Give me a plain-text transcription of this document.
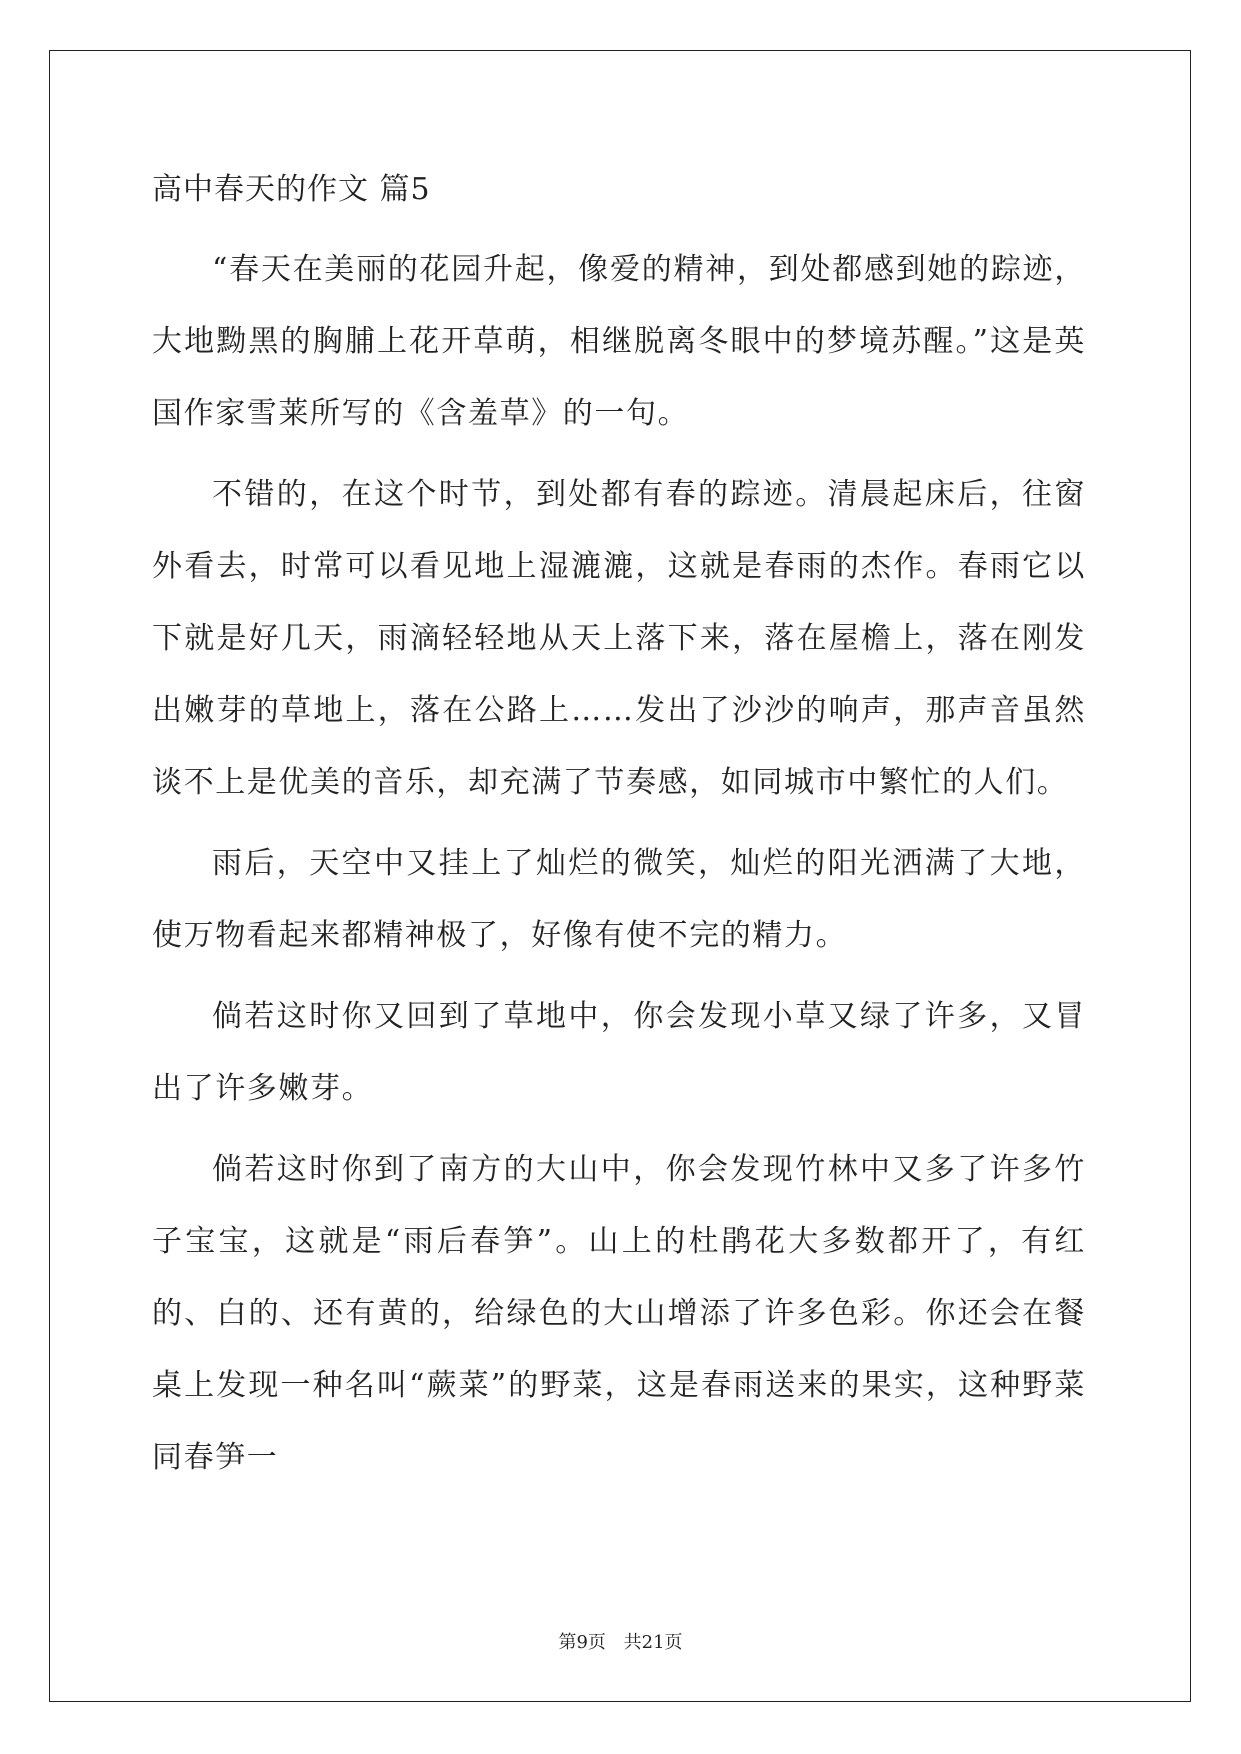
高中春天的作文 篇5

“春天在美丽的花园升起，像爱的精神，到处都感到她的踪迹，大地黝黑的胸脯上花开草萌，相继脱离冬眼中的梦境苏醒。”这是英国作家雪莱所写的《含羞草》的一句。

不错的，在这个时节，到处都有春的踪迹。清晨起床后，往窗外看去，时常可以看见地上湿漉漉，这就是春雨的杰作。春雨它以下就是好几天，雨滴轻轻地从天上落下来，落在屋檐上，落在刚发出嫩芽的草地上，落在公路上……发出了沙沙的响声，那声音虽然谈不上是优美的音乐，却充满了节奏感，如同城市中繁忙的人们。

雨后，天空中又挂上了灿烂的微笑，灿烂的阳光洒满了大地，使万物看起来都精神极了，好像有使不完的精力。

倘若这时你又回到了草地中，你会发现小草又绿了许多，又冒出了许多嫩芽。

倘若这时你到了南方的大山中，你会发现竹林中又多了许多竹子宝宝，这就是“雨后春笋”。山上的杜鹃花大多数都开了，有红的、白的、还有黄的，给绿色的大山增添了许多色彩。你还会在餐桌上发现一种名叫“蕨菜”的野菜，这是春雨送来的果实，这种野菜同春笋一

第9页 共21页
